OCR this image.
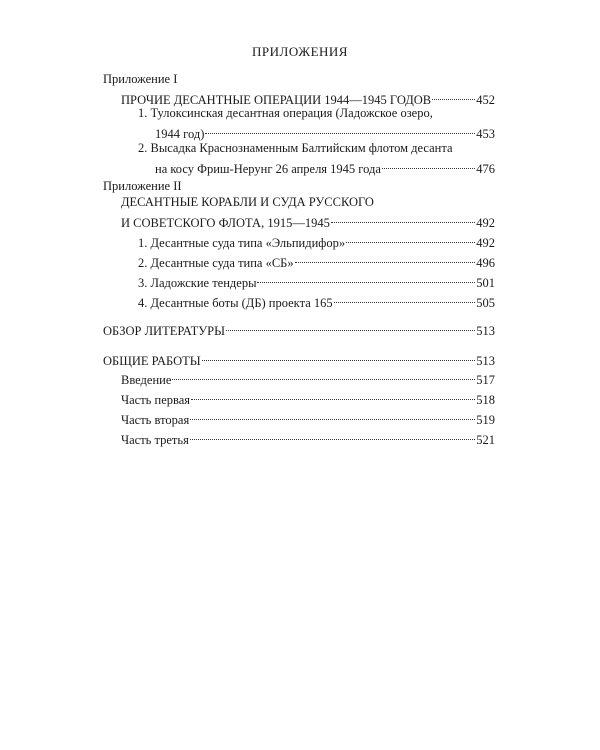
ПРИЛОЖЕНИЯ
Приложение I
ПРОЧИЕ ДЕСАНТНЫЕ ОПЕРАЦИИ 1944—1945 ГОДОВ	452
1. Тулоксинская десантная операция (Ладожское озеро,
1944 год)	453
2. Высадка Краснознаменным Балтийским флотом десанта
на косу Фриш-Нерунг 26 апреля 1945 года	476
Приложение II
ДЕСАНТНЫЕ КОРАБЛИ И СУДА РУССКОГО
И СОВЕТСКОГО ФЛОТА, 1915—1945	492
1. Десантные суда типа «Эльпидифор»	492
2. Десантные суда типа «СБ»	496
3. Ладожские тендеры	501
4. Десантные боты (ДБ) проекта 165	505
ОБЗОР ЛИТЕРАТУРЫ	513
ОБЩИЕ РАБОТЫ	513
Введение	517
Часть первая	518
Часть вторая	519
Часть третья	521
